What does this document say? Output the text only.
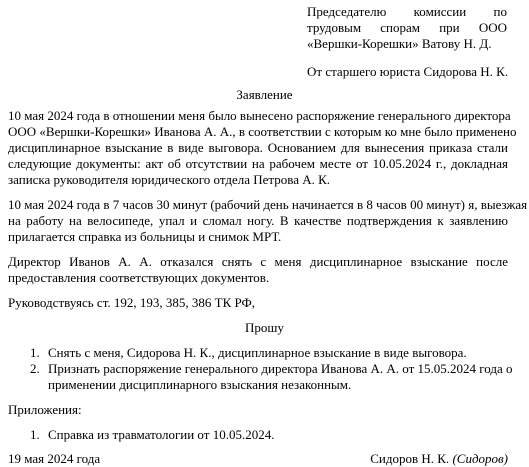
Председателю комиссии по
трудовым спорам при ООО
«Вершки-Корешки» Ватову Н. Д.
От старшего юриста Сидорова Н. К.
Заявление
10 мая 2024 года в отношении меня было вынесено распоряжение генерального директора
ООО «Вершки-Корешки» Иванова А. А., в соответствии с которым ко мне было применено
дисциплинарное взыскание в виде выговора. Основанием для вынесения приказа стали
следующие документы: акт об отсутствии на рабочем месте от 10.05.2024 г., докладная
записка руководителя юридического отдела Петрова А. К.
10 мая 2024 года в 7 часов 30 минут (рабочий день начинается в 8 часов 00 минут) я, выезжая
на работу на велосипеде, упал и сломал ногу. В качестве подтверждения к заявлению
прилагается справка из больницы и снимок МРТ.
Директор Иванов А. А. отказался снять с меня дисциплинарное взыскание после
предоставления соответствующих документов.
Руководствуясь ст. 192, 193, 385, 386 ТК РФ,
Прошу
1. Снять с меня, Сидорова Н. К., дисциплинарное взыскание в виде выговора.
2. Признать распоряжение генерального директора Иванова А. А. от 15.05.2024 года о
применении дисциплинарного взыскания незаконным.
Приложения:
1. Справка из травматологии от 10.05.2024.
19 мая 2024 года	Сидоров Н. К. (Сидоров)
